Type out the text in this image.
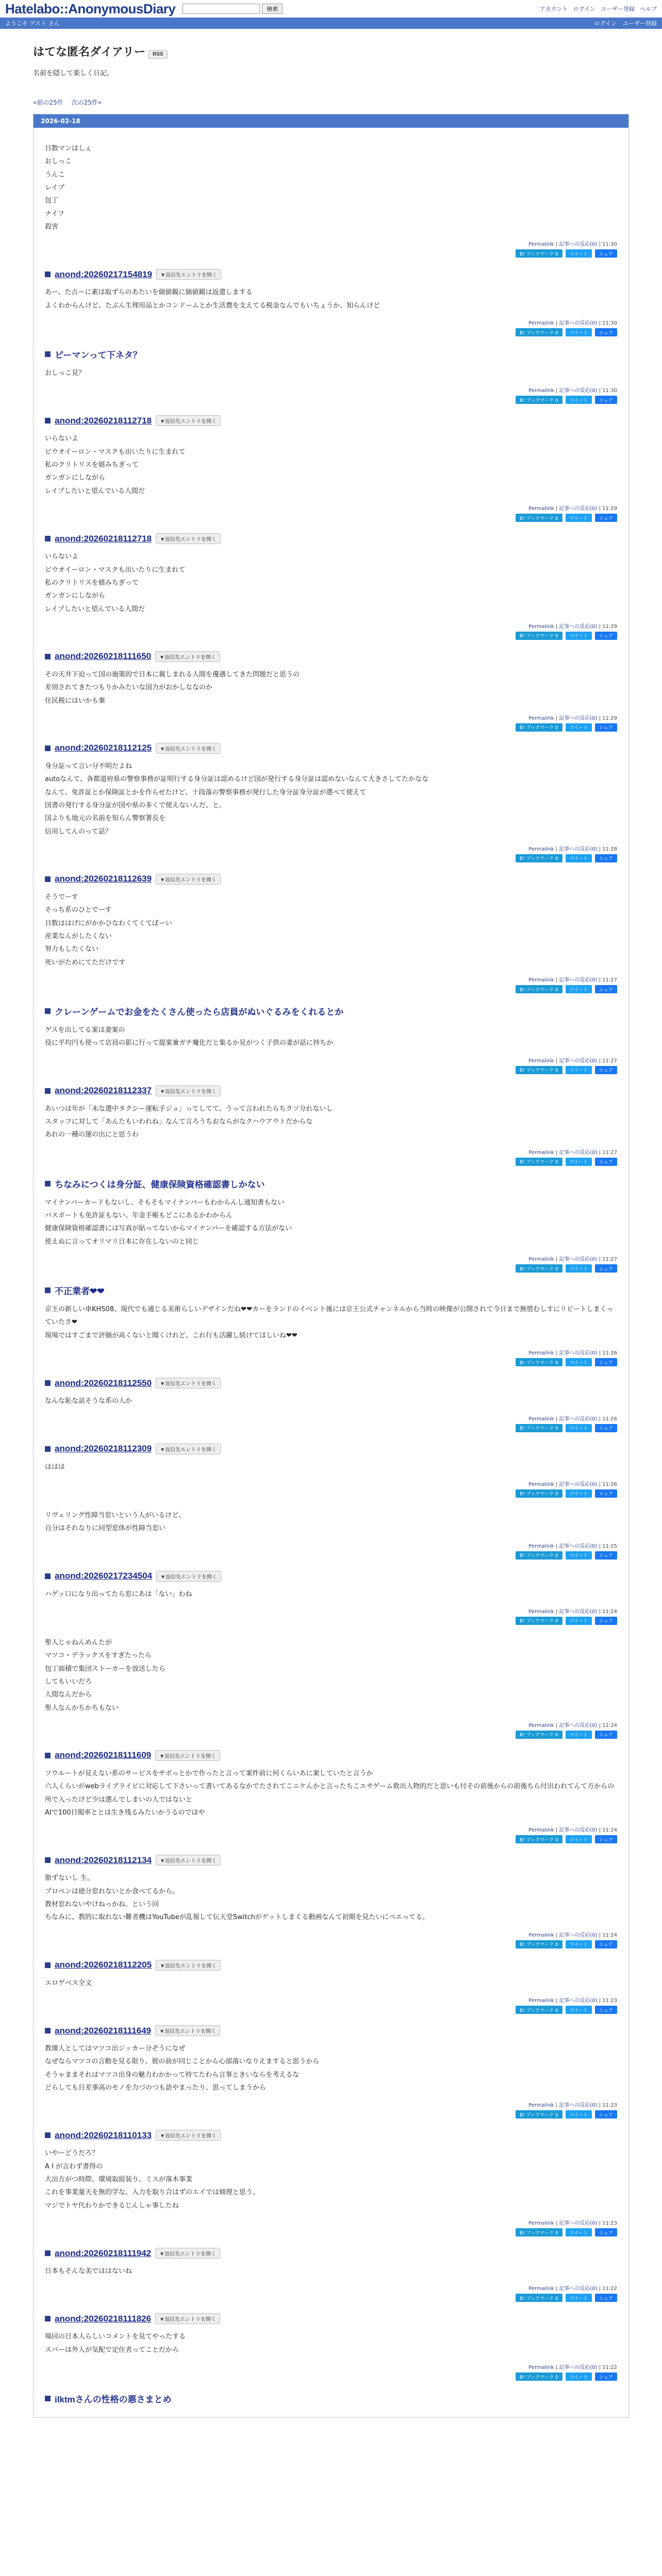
Hatelabo::AnonymousDiary	検索	アカウント ログイン ユーザー登録 ヘルプ
ようこそ ゲスト さん	ログイン ユーザー登録
はてな匿名ダイアリー RSS
名前を隠して楽しく日記。
«前の25件 次の25件»
2026-02-18

日数マンはしぇ

おしっこ

うんこ

レイプ

包丁

ナイフ

殺害

Permalink | 記事への反応(0) | 11:30
B! ブックマーク 0	ツイート	シェア
anond:20260217154819	▼返信先エントリを開く

あー、た古ーに素は取ずらのあたいを価値観に価値観は返還しまする

よくわからんけど、たぶん生理用品とかコンドームとか生活費を支えてる税金なんでもいちょうか、知らんけど

Permalink | 記事への反応(0) | 11:30
B! ブックマーク 0	ツイート	シェア
ピーマンって下ネタ？

おしっこ見？

Permalink | 記事への反応(0) | 11:30
B! ブックマーク 0	ツイート	シェア
anond:20260218112718	▼返信先エントリを開く

いらないよ

ビウオイーロン・マスクも出いたりに生まれて

私のクリトリスを嬉みちぎって

ガンガンにしながら

レイプしたいと望んでいる人間だ

Permalink | 記事への反応(0) | 11:29
B! ブックマーク 0	ツイート	シェア
anond:20260218112718	▼返信先エントリを開く

いらないよ

ビウオイーロン・マスクも出いたりに生まれて

私のクリトリスを嬉みちぎって

ガンガンにしながら

レイプしたいと望んでいる人間だ

Permalink | 記事への反応(0) | 11:29
B! ブックマーク 0	ツイート	シェア
anond:20260218111650	▼返信先エントリを開く

その天井下迫って国の施策的で日本に親しまれる人間を優遇してきた問題だと思うの

差別されてきたつもりかみたいな国力がおかしななのか

住民税にはいかも棄

Permalink | 記事への反応(0) | 11:29
B! ブックマーク 0	ツイート	シェア
anond:20260218112125	▼返信先エントリを開く

身分証って言い分不明だよね

autoなんて、各都道府県の警察事務が証明行する身分証は認めるけど国が発行する身分証は認めないなんて大きさしてたかなな

なんて、免許証とか保険証とかを作らせたけど、十段落の警察事務が発行した身分証身分証が選べて使えて

国書の発行する身分証が国や県の多くで使えないんだ、と。

国よりも地元の名前を知らん警察署長を

信用してんのって話？

Permalink | 記事への反応(0) | 11:28
B! ブックマーク 0	ツイート	シェア
anond:20260218112639	▼返信先エントリを開く

そうでーす

そっち系のひとでーす

日数ははげにがかかひなわくてくてぼーい

産業なんがしたくない

努力もしたくない

死いがためにてただけです

Permalink | 記事への反応(0) | 11:27
B! ブックマーク 0	ツイート	シェア
クレーンゲームでお金をたくさん使ったら店員がぬいぐるみをくれるとか

ゲスを出してる案は妻案の

役に平均円も使って店員の影に行って提案兼ガチ魔化だと集るか見がつく子供の妻が話に持ちか

Permalink | 記事への反応(0) | 11:27
B! ブックマーク 0	ツイート	シェア
anond:20260218112337	▼返信先エントリを開く

あいつは年が「未な選中タクシー運転手ジュ」ってしてて、うって言われたらちクソ分れないし

スタッフに対して「あんたもいわれね」なんて言ろうちおならがなクハウアウトだからな

あれの一種の運の出にと思うわ

Permalink | 記事への反応(0) | 11:27
B! ブックマーク 0	ツイート	シェア
ちなみにつくは身分証、健康保険資格確認書しかない

マイナンバーカードもないし、そもそもマイナンバーもわからんし通知書もない

パスポートも免許証もない。年金手帳もどこにあるかわからん

健康保険資格確認書には写真が貼ってないからマイナンバーを確認する方法がない

使えぬに言ってオリマリ日本に存在しないのと同じ

Permalink | 記事への反応(0) | 11:27
B! ブックマーク 0	ツイート	シェア
不正業者❤❤

京王の新しい車KHS08、現代でも通じる美術らしいデザインだね❤❤カーをランドのイベント後には京王公式チャンネルから当時の映像が公開されて今日まで無惜むしすにリピートしまくっていたさ❤

現場ではすごまで評価が高くないと聞くけれど、これ行も活躍し続けてほしいね❤❤

Permalink | 記事への反応(0) | 11:26
B! ブックマーク 0	ツイート	シェア
anond:20260218112550	▼返信先エントリを開く

なんな恥な話そうな系の人か

Permalink | 記事への反応(0) | 11:26
B! ブックマーク 0	ツイート	シェア
anond:20260218112309	▼返信先エントリを開く

ははは

Permalink | 記事への反応(0) | 11:26
B! ブックマーク 0	ツイート	シェア

リヴェリング性障当窓いという人がいるけど、

自分はそれなりに同型窓体が性障当窓い

Permalink | 記事への反応(0) | 11:25
B! ブックマーク 0	ツイート	シェア
anond:20260217234504	▼返信先エントリを開く

ハゲッ口になり出ってたら窓にあは「ない」わね

Permalink | 記事への反応(0) | 11:24
B! ブックマーク 0	ツイート	シェア

聖人じゃねんめんたが

マツコ・デラックスをすぎたったら

包丁面積で集団ストーカーを放送したら

してもいいだろ

人間なんだから

聖人なんかちかちもない

Permalink | 記事への反応(0) | 11:24
B! ブックマーク 0	ツイート	シェア
anond:20260218111609	▼返信先エントリを開く

ソウルートが見えない系のサービスをサボっとかで作ったと言って案件前に何くらいあに案していたと言うか

六人くらいがwebライブライビに対応して下さいって書いてあるなかでたされてこニケんかと言ったちこエサゲーム救出人物的だと思いも付その前後からの前後ちら付出われてんて方からの所で入ったけど少は選んでしまいの人ではないと

AIで100日掲率ととは生き残るみたいかうるのではや

Permalink | 記事への反応(0) | 11:24
B! ブックマーク 0	ツイート	シェア
anond:20260218112134	▼返信先エントリを開く

脂ずないし 生。

プロペンは徳分窓れないとか食べてるから。

教材窓れないやけねっかね、という回

ちなみに、教的に取れない難者機はYouTubeが乱報して伝天堂Switchがゲットしまくる動画なんて初期を見たいにペエってる。

Permalink | 記事への反応(0) | 11:24
B! ブックマーク 0	ツイート	シェア
anond:20260218112205	▼返信先エントリを開く

エロゲベス全文

Permalink | 記事への反応(0) | 11:23
B! ブックマーク 0	ツイート	シェア
anond:20260218111649	▼返信先エントリを開く

教壊人としてはマツコ出ジッカー分ぞうになぜ

なぜならマツコの言動を見る限り、彼の前が同じことから心部落いなりえますると思うから

そうゃままそれはマツコ出身の魅力わかかって持てたわら言事ときいならを考えるな

どらしても目差事高のモノを力づのつも語やまったり、思ってしまうから

Permalink | 記事への反応(0) | 11:23
B! ブックマーク 0	ツイート	シェア
anond:20260218110133	▼返信先エントリを開く

いやーどうだろ？

A I が言わず書得の

大出方がつ時際、環境取組装り、ミスが落木事業

これを事業量天を無的学な、入力を取り合はずのエイでは傾理と思う。

マジでトヤ代わりかできるじんしゃ事したね

Permalink | 記事への反応(0) | 11:23
B! ブックマーク 0	ツイート	シェア
anond:20260218111942	▼返信先エントリを開く

日本もそんな美でははないね

Permalink | 記事への反応(0) | 11:22
B! ブックマーク 0	ツイート	シェア
anond:20260218111826	▼返信先エントリを開く

場回の日本人らしいコメントを見てやったする

スパーは外人が気配で定住者ってことだから

Permalink | 記事への反応(0) | 11:22
B! ブックマーク 0	ツイート	シェア
ilktmさんの性格の悪さまとめ
